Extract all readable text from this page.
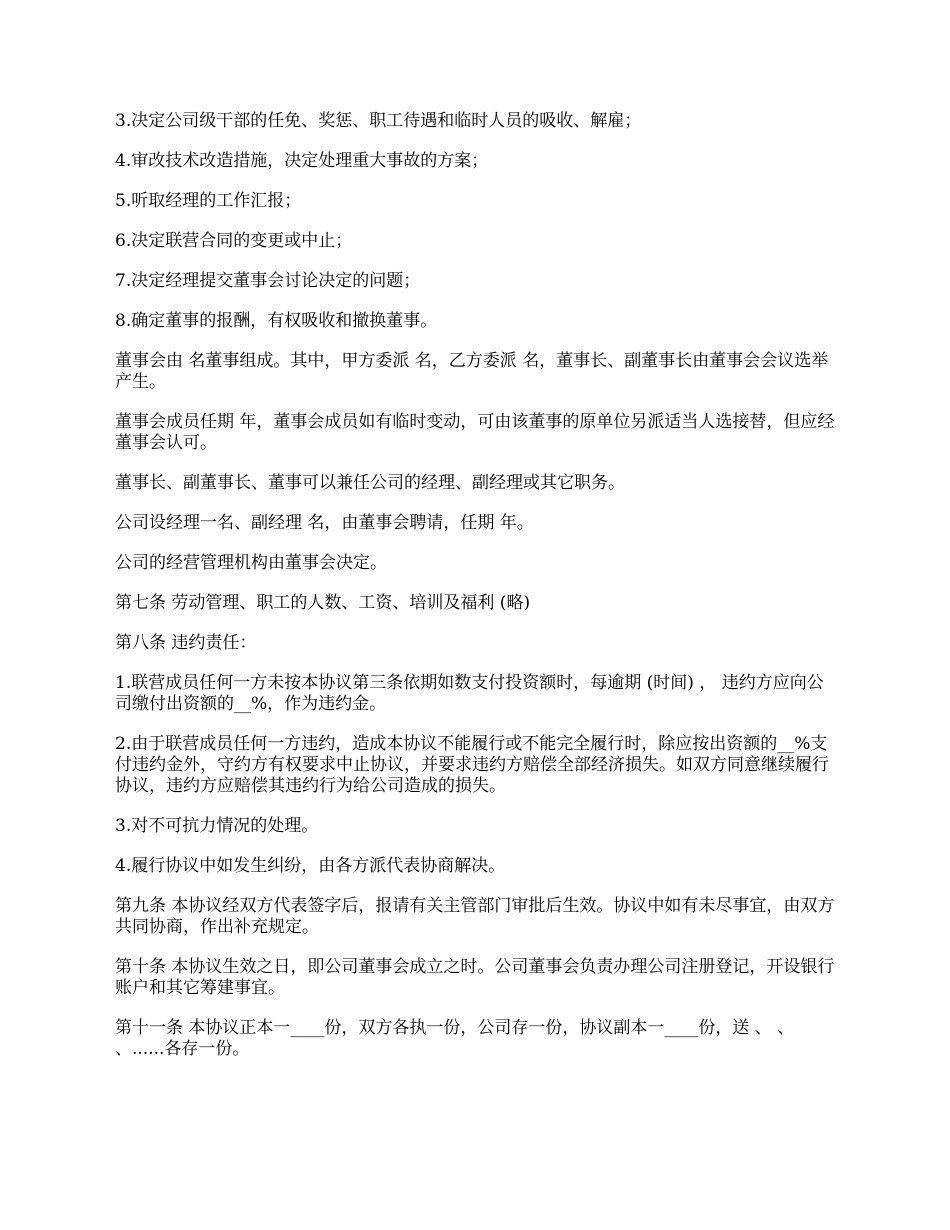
3.决定公司级干部的任免、奖惩、职工待遇和临时人员的吸收、解雇；

4.审改技术改造措施，决定处理重大事故的方案；

5.听取经理的工作汇报；

6.决定联营合同的变更或中止；

7.决定经理提交董事会讨论决定的问题；

8.确定董事的报酬，有权吸收和撤换董事。

董事会由 名董事组成。其中，甲方委派 名，乙方委派 名，董事长、副董事长由董事会会议选举产生。

董事会成员任期 年，董事会成员如有临时变动，可由该董事的原单位另派适当人选接替，但应经董事会认可。

董事长、副董事长、董事可以兼任公司的经理、副经理或其它职务。

公司设经理一名、副经理 名，由董事会聘请，任期 年。

公司的经营管理机构由董事会决定。

第七条 劳动管理、职工的人数、工资、培训及福利 (略)

第八条 违约责任：

1.联营成员任何一方未按本协议第三条依期如数支付投资额时，每逾期 (时间) ， 违约方应向公司缴付出资额的__%，作为违约金。

2.由于联营成员任何一方违约，造成本协议不能履行或不能完全履行时，除应按出资额的__%支付违约金外，守约方有权要求中止协议，并要求违约方赔偿全部经济损失。如双方同意继续履行协议，违约方应赔偿其违约行为给公司造成的损失。

3.对不可抗力情况的处理。

4.履行协议中如发生纠纷，由各方派代表协商解决。

第九条 本协议经双方代表签字后，报请有关主管部门审批后生效。协议中如有未尽事宜，由双方共同协商，作出补充规定。

第十条 本协议生效之日，即公司董事会成立之时。公司董事会负责办理公司注册登记，开设银行账户和其它筹建事宜。

第十一条 本协议正本一____份，双方各执一份，公司存一份，协议副本一____份，送 、 、 、......各存一份。
